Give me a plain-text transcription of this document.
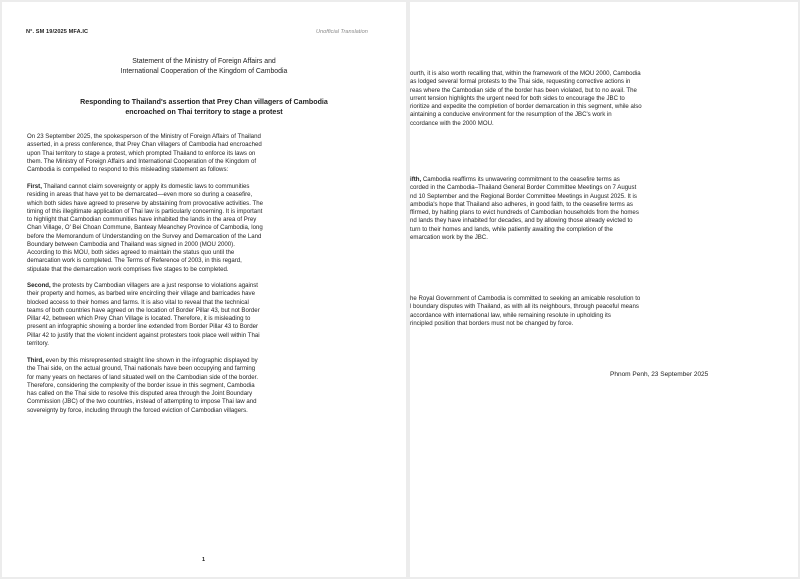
N°. SM 19/2025 MFA.IC	Unofficial Translation
Statement of the Ministry of Foreign Affairs and
International Cooperation of the Kingdom of Cambodia
Responding to Thailand's assertion that Prey Chan villagers of Cambodia
encroached on Thai territory to stage a protest
On 23 September 2025, the spokesperson of the Ministry of Foreign Affairs of Thailand
asserted, in a press conference, that Prey Chan villagers of Cambodia had encroached
upon Thai territory to stage a protest, which prompted Thailand to enforce its laws on
them. The Ministry of Foreign Affairs and International Cooperation of the Kingdom of
Cambodia is compelled to respond to this misleading statement as follows:
First, Thailand cannot claim sovereignty or apply its domestic laws to communities
residing in areas that have yet to be demarcated—even more so during a ceasefire,
which both sides have agreed to preserve by abstaining from provocative activities. The
timing of this illegitimate application of Thai law is particularly concerning. It is important
to highlight that Cambodian communities have inhabited the lands in the area of Prey
Chan Village, O' Bei Choan Commune, Banteay Meanchey Province of Cambodia, long
before the Memorandum of Understanding on the Survey and Demarcation of the Land
Boundary between Cambodia and Thailand was signed in 2000 (MOU 2000).
According to this MOU, both sides agreed to maintain the status quo until the
demarcation work is completed. The Terms of Reference of 2003, in this regard,
stipulate that the demarcation work comprises five stages to be completed.
Second, the protests by Cambodian villagers are a just response to violations against
their property and homes, as barbed wire encircling their village and barricades have
blocked access to their homes and farms. It is also vital to reveal that the technical
teams of both countries have agreed on the location of Border Pillar 43, but not Border
Pillar 42, between which Prey Chan Village is located. Therefore, it is misleading to
present an infographic showing a border line extended from Border Pillar 43 to Border
Pillar 42 to justify that the violent incident against protesters took place well within Thai
territory.
Third, even by this misrepresented straight line shown in the infographic displayed by
the Thai side, on the actual ground, Thai nationals have been occupying and farming
for many years on hectares of land situated well on the Cambodian side of the border.
Therefore, considering the complexity of the border issue in this segment, Cambodia
has called on the Thai side to resolve this disputed area through the Joint Boundary
Commission (JBC) of the two countries, instead of attempting to impose Thai law and
sovereignty by force, including through the forced eviction of Cambodian villagers.
1
ourth, it is also worth recalling that, within the framework of the MOU 2000, Cambodia
as lodged several formal protests to the Thai side, requesting corrective actions in
reas where the Cambodian side of the border has been violated, but to no avail. The
urrent tension highlights the urgent need for both sides to encourage the JBC to
rioritize and expedite the completion of border demarcation in this segment, while also
aintaining a conducive environment for the resumption of the JBC's work in
ccordance with the 2000 MOU.
ifth, Cambodia reaffirms its unwavering commitment to the ceasefire terms as
corded in the Cambodia–Thailand General Border Committee Meetings on 7 August
nd 10 September and the Regional Border Committee Meetings in August 2025. It is
ambodia's hope that Thailand also adheres, in good faith, to the ceasefire terms as
ffirmed, by halting plans to evict hundreds of Cambodian households from the homes
nd lands they have inhabited for decades, and by allowing those already evicted to
turn to their homes and lands, while patiently awaiting the completion of the
emarcation work by the JBC.
he Royal Government of Cambodia is committed to seeking an amicable resolution to
l boundary disputes with Thailand, as with all its neighbours, through peaceful means
accordance with international law, while remaining resolute in upholding its
rincipled position that borders must not be changed by force.
Phnom Penh, 23 September 2025
